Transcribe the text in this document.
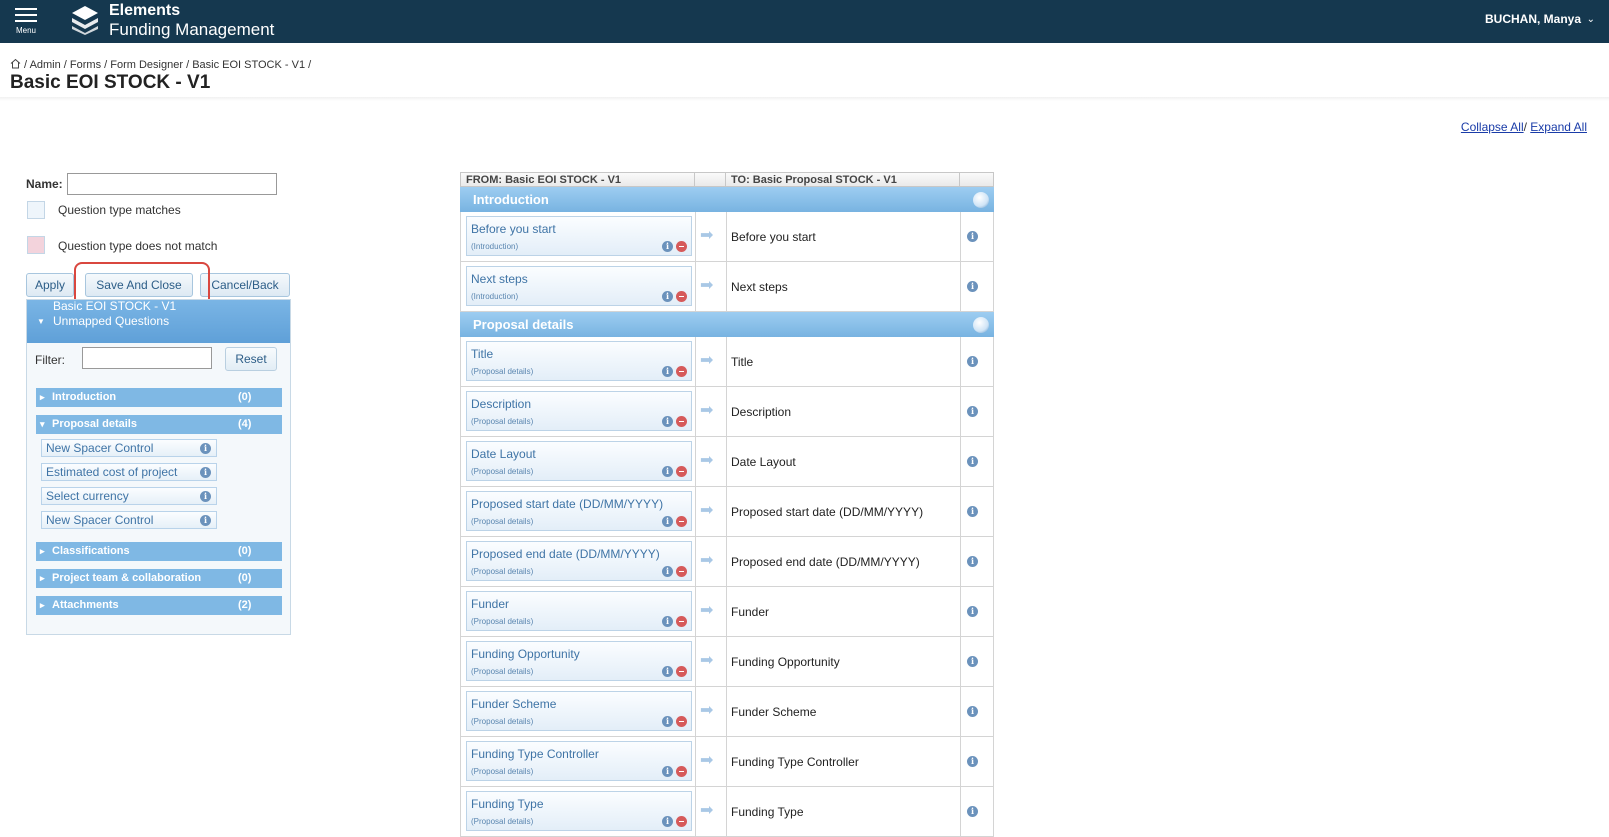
Menu
Elements
Funding Management
BUCHAN, Manya ⌄
/ Admin / Forms / Form Designer / Basic EOI STOCK - V1 /
Basic EOI STOCK - V1
Collapse All/ Expand All
Name:
Question type matches
Question type does not match
Apply	Save And Close	Cancel/Back
▼
Basic EOI STOCK - V1
Unmapped Questions
Filter:	Reset
▸ Introduction	(0)
▾ Proposal details	(4)
New Spacer Control	i
Estimated cost of project	i
Select currency	i
New Spacer Control	i
▸ Classifications	(0)
▸ Project team & collaboration	(0)
▸ Attachments	(2)
FROM: Basic EOI STOCK - V1	TO: Basic Proposal STOCK - V1
Introduction
Before you start
(Introduction)	i
➡	Before you start	i
Next steps
(Introduction)	i
➡	Next steps	i
Proposal details
Title
(Proposal details)	i
➡	Title	i
Description
(Proposal details)	i
➡	Description	i
Date Layout
(Proposal details)	i
➡	Date Layout	i
Proposed start date (DD/MM/YYYY)
(Proposal details)	i
➡	Proposed start date (DD/MM/YYYY)	i
Proposed end date (DD/MM/YYYY)
(Proposal details)	i
➡	Proposed end date (DD/MM/YYYY)	i
Funder
(Proposal details)	i
➡	Funder	i
Funding Opportunity
(Proposal details)	i
➡	Funding Opportunity	i
Funder Scheme
(Proposal details)	i
➡	Funder Scheme	i
Funding Type Controller
(Proposal details)	i
➡	Funding Type Controller	i
Funding Type
(Proposal details)	i
➡	Funding Type	i
